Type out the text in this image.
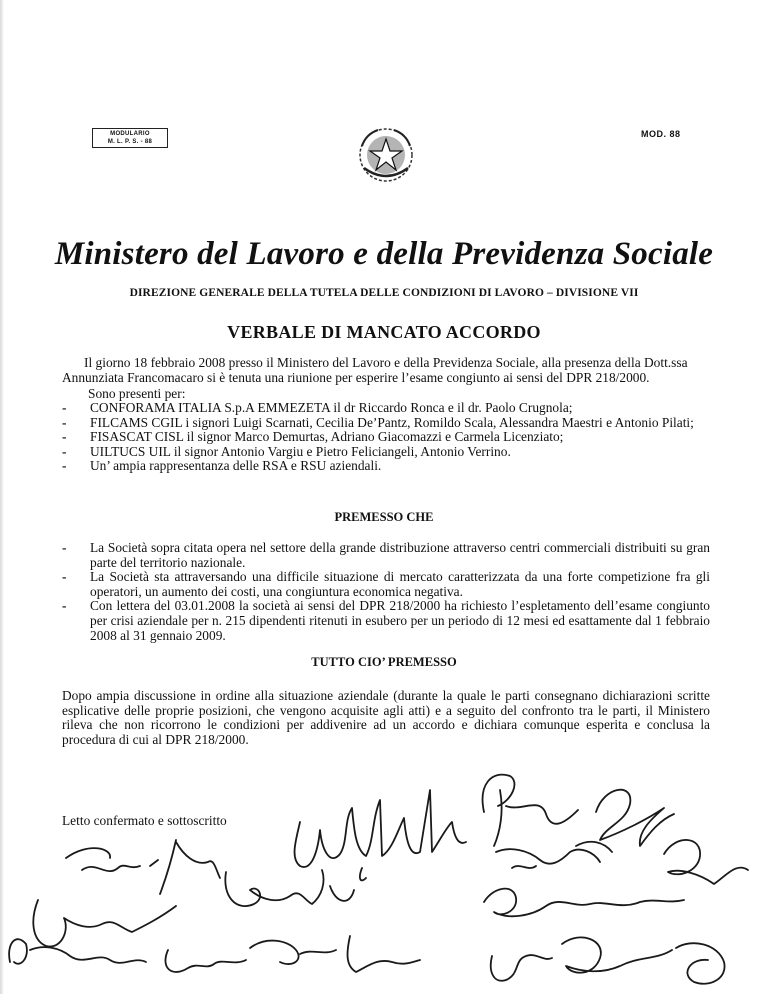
MODULARIO
M. L. P. S. - 88
MOD. 88
Ministero del Lavoro e della Previdenza Sociale
DIREZIONE GENERALE DELLA TUTELA DELLE CONDIZIONI DI LAVORO – DIVISIONE VII
VERBALE DI MANCATO ACCORDO
Il giorno 18 febbraio 2008 presso il Ministero del Lavoro e della Previdenza Sociale, alla presenza della Dott.ssa Annunziata Francomacaro si è tenuta una riunione per esperire l’esame congiunto ai sensi del DPR 218/2000.
Sono presenti per:
- CONFORAMA ITALIA S.p.A EMMEZETA il dr Riccardo Ronca e il dr. Paolo Crugnola;
- FILCAMS CGIL i signori Luigi Scarnati, Cecilia De’Pantz, Romildo Scala, Alessandra Maestri e Antonio Pilati;
- FISASCAT CISL il signor Marco Demurtas, Adriano Giacomazzi e Carmela Licenziato;
- UILTUCS UIL il signor Antonio Vargiu e Pietro Feliciangeli, Antonio Verrino.
- Un’ ampia rappresentanza delle RSA e RSU aziendali.
PREMESSO CHE
- La Società sopra citata opera nel settore della grande distribuzione attraverso centri commerciali distribuiti su gran parte del territorio nazionale.
- La Società sta attraversando una difficile situazione di mercato caratterizzata da una forte competizione fra gli operatori, un aumento dei costi, una congiuntura economica negativa.
- Con lettera del 03.01.2008 la società ai sensi del DPR 218/2000 ha richiesto l’espletamento dell’esame congiunto per crisi aziendale per n. 215 dipendenti ritenuti in esubero per un periodo di 12 mesi ed esattamente dal 1 febbraio 2008 al 31 gennaio 2009.
TUTTO CIO’ PREMESSO
Dopo ampia discussione in ordine alla situazione aziendale (durante la quale le parti consegnano dichiarazioni scritte esplicative delle proprie posizioni, che vengono acquisite agli atti) e a seguito del confronto tra le parti, il Ministero rileva che non ricorrono le condizioni per addivenire ad un accordo e dichiara comunque esperita e conclusa la procedura di cui al DPR 218/2000.
Letto confermato e sottoscritto
